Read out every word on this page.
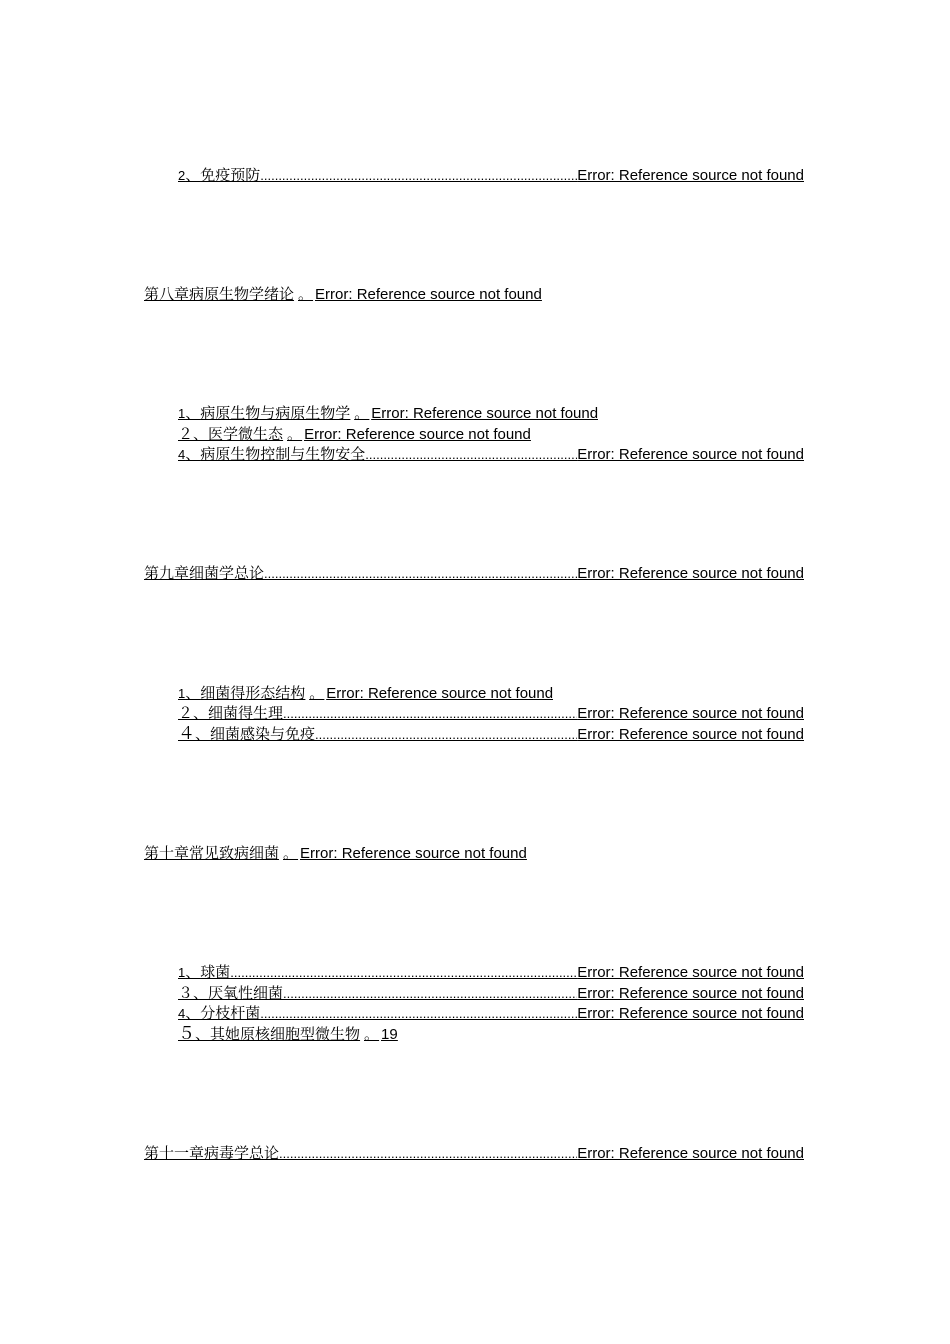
2、免疫预防 .....	Error: Reference source not found
第八章病原生物学绪论 。 Error: Reference source not found
1、病原生物与病原生物学 。 Error: Reference source not found
２、医学微生态 。 Error: Reference source not found
4、病原生物控制与生物安全 .....	Error: Reference source not found
第九章细菌学总论 .....	Error: Reference source not found
1、细菌得形态结构 。 Error: Reference source not found
２、细菌得生理 .....	Error: Reference source not found
４、细菌感染与免疫 .....	Error: Reference source not found
第十章常见致病细菌 。 Error: Reference source not found
1、球菌 .....	Error: Reference source not found
３、厌氧性细菌 .....	Error: Reference source not found
4、分枝杆菌 .....	Error: Reference source not found
５、其她原核细胞型微生物 。 19
第十一章病毒学总论 .....	Error: Reference source not found
